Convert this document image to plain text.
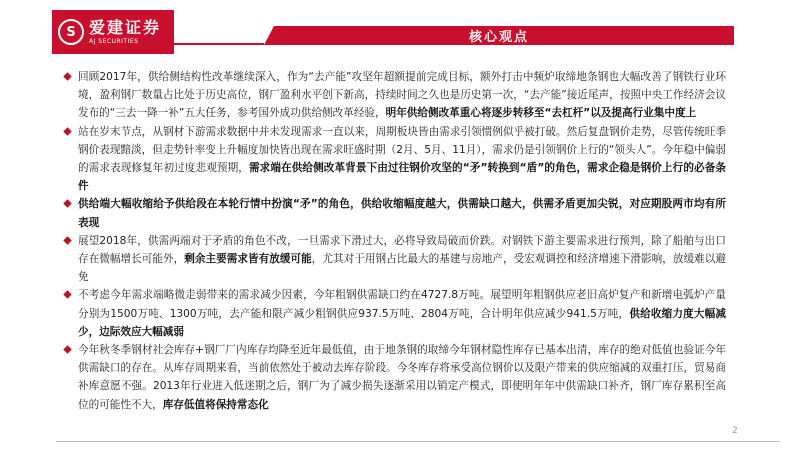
S 爱建证券
AJ SECURITIES	核心观点

回顾2017年，供给侧结构性改革继续深入，作为“去产能”攻坚年超额提前完成目标，额外打击中频炉取缔地条钢也大幅改善了钢铁行业环境，盈利钢厂数量占比处于历史高位，钢厂盈利水平创下新高，持续时间之久也是历史第一次，“去产能”接近尾声，按照中央工作经济会议发布的“三去一降一补”五大任务，参考国外成功供给侧改革经验，明年供给侧改革重心将逐步转移至“去杠杆”以及提高行业集中度上

站在岁末节点，从钢材下游需求数据中并未发现需求一直以来，周期板块皆由需求引领惯例似乎被打破。然后复盘钢价走势，尽管传统旺季钢价表现黯淡，但走势针率变上升幅度加快皆出现在需求旺盛时期（2月、5月、11月），需求仍是引领钢价上行的“领头人”。今年稳中偏弱的需求表现修复年初过度悲观预期，需求端在供给侧改革背景下由过往钢价攻坚的“矛”转换到“盾”的角色，需求企稳是钢价上行的必备条件

供给端大幅收缩给予供给段在本轮行情中扮演“矛”的角色，供给收缩幅度越大，供需缺口越大，供需矛盾更加尖锐，对应期股两市均有所表现

展望2018年，供需两端对于矛盾的角色不改，一旦需求下滑过大，必将导致局破而价跌。对钢铁下游主要需求进行预判，除了船舶与出口存在微幅增长可能外，剩余主要需求皆有放缓可能，尤其对于用钢占比最大的基建与房地产，受宏观调控和经济增速下滑影响，放缓难以避免

不考虑今年需求端略微走弱带来的需求减少因素，今年粗钢供需缺口约在4727.8万吨。展望明年粗钢供应老旧高炉复产和新增电弧炉产量分别为1500万吨、1300万吨，去产能和限产减少粗钢供应937.5万吨、2804万吨，合计明年供应减少941.5万吨，供给收缩力度大幅减少，边际效应大幅减弱

今年秋冬季钢材社会库存+钢厂厂内库存均降至近年最低值，由于地条钢的取缔今年钢材隐性库存已基本出清，库存的绝对低值也验证今年供需缺口的存在。从库存周期来看，当前依然处于被动去库存阶段。今冬库存将承受高位钢价以及限产带来的供应缩减的双重打压，贸易商补库意愿不强。2013年行业进入低迷期之后，钢厂为了减少损失逐渐采用以销定产模式，即使明年年中供需缺口补齐，钢厂库存累积至高位的可能性不大，库存低值将保持常态化

2
